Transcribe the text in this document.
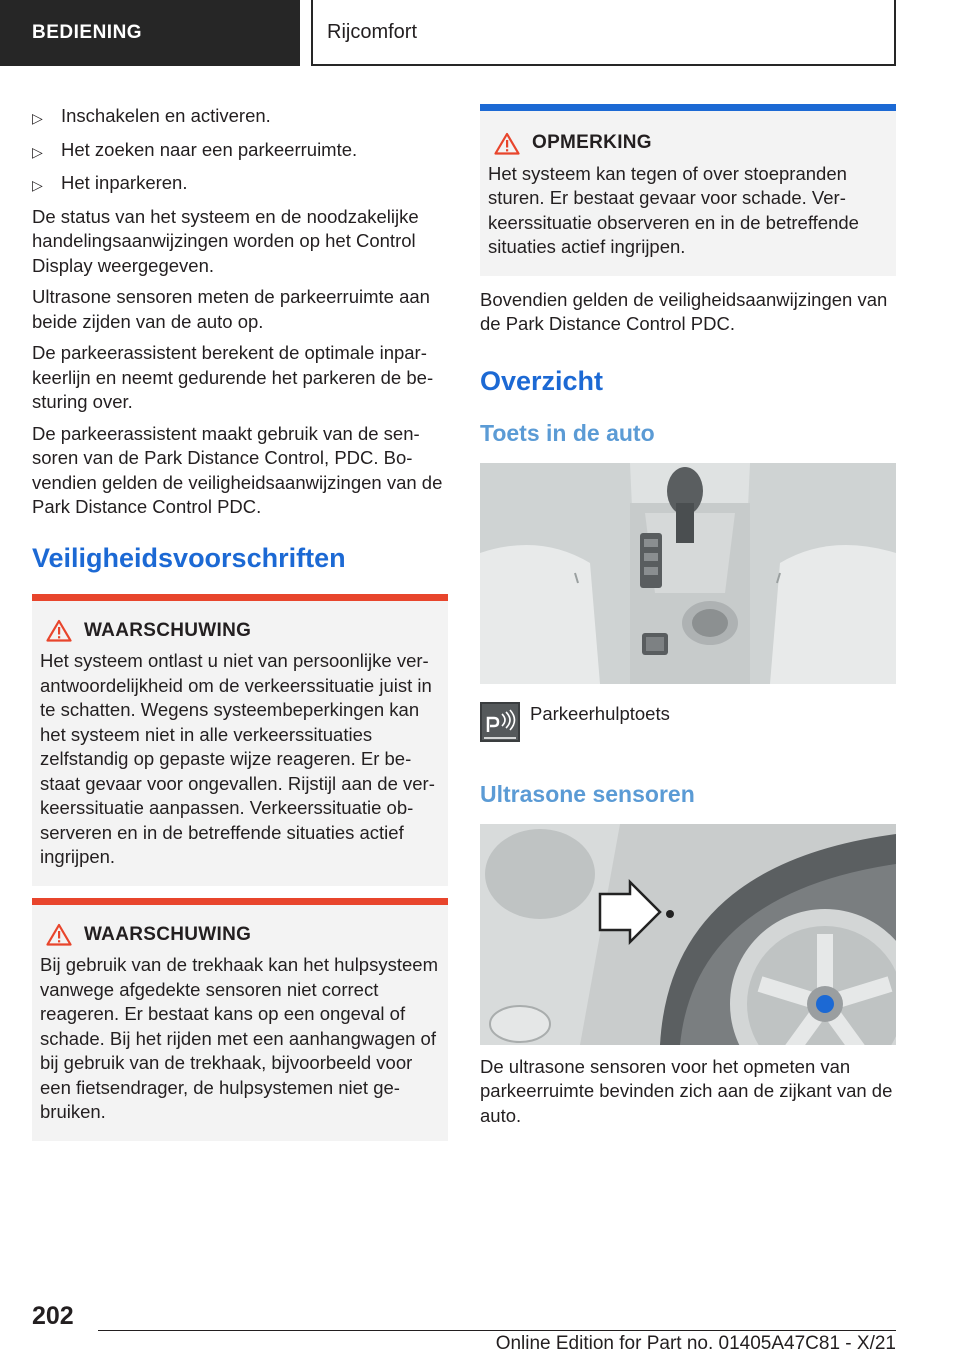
BEDIENING	Rijcomfort
▷ Inschakelen en activeren.
▷ Het zoeken naar een parkeerruimte.
▷ Het inparkeren.

De status van het systeem en de noodzakelijke handelingsaanwijzingen worden op het Control Display weergegeven.

Ultrasone sensoren meten de parkeerruimte aan beide zijden van de auto op.

De parkeerassistent berekent de optimale inparkeerlijn en neemt gedurende het parkeren de besturing over.

De parkeerassistent maakt gebruik van de sensoren van de Park Distance Control, PDC. Bovendien gelden de veiligheidsaanwijzingen van de Park Distance Control PDC.

Veiligheidsvoorschriften
WAARSCHUWING

Het systeem ontlast u niet van persoonlijke verantwoordelijkheid om de verkeerssituatie juist in te schatten. Wegens systeembeperkingen kan het systeem niet in alle verkeerssituaties zelfstandig op gepaste wijze reageren. Er bestaat gevaar voor ongevallen. Rijstijl aan de verkeerssituatie aanpassen. Verkeerssituatie observeren en in de betreffende situaties actief ingrijpen.

WAARSCHUWING

Bij gebruik van de trekhaak kan het hulpsysteem vanwege afgedekte sensoren niet correct reageren. Er bestaat kans op een ongeval of schade. Bij het rijden met een aanhangwagen of bij gebruik van de trekhaak, bijvoorbeeld voor een fietsendrager, de hulpsystemen niet gebruiken.

OPMERKING

Het systeem kan tegen of over stoepranden sturen. Er bestaat gevaar voor schade. Verkeerssituatie observeren en in de betreffende situaties actief ingrijpen.

Bovendien gelden de veiligheidsaanwijzingen van de Park Distance Control PDC.

Overzicht
Toets in de auto
Parkeerhulptoets
Ultrasone sensoren

De ultrasone sensoren voor het opmeten van parkeerruimte bevinden zich aan de zijkant van de auto.

202
Online Edition for Part no. 01405A47C81 - X/21
